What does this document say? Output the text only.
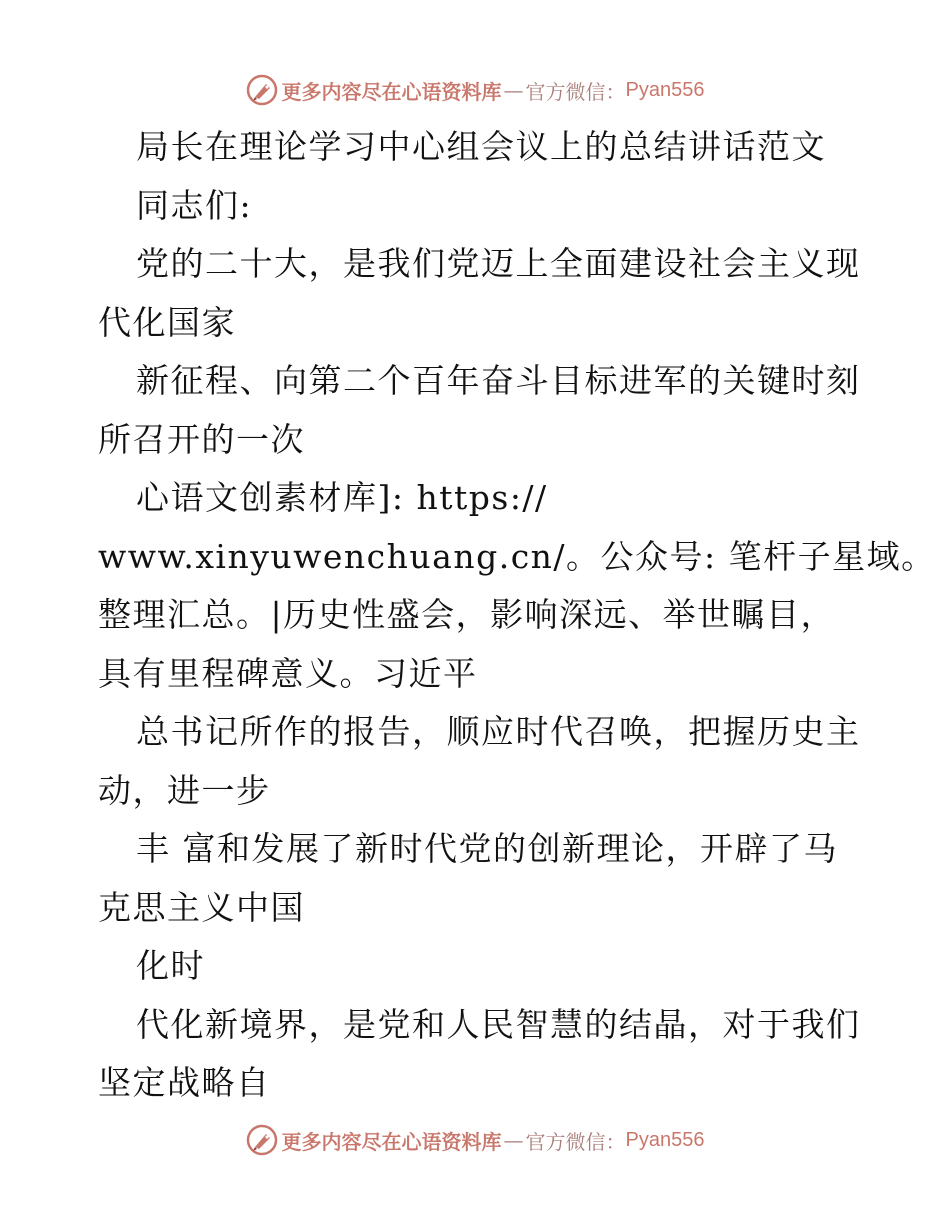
更多内容尽在心语资料库 — 官方微信： Pyan556
局长在理论学习中心组会议上的总结讲话范文
同志们:
党的二十大，是我们党迈上全面建设社会主义现
代化国家
新征程、向第二个百年奋斗目标进军的关键时刻
所召开的一次
心语文创素材库]: https://
www.xinyuwenchuang.cn/。公众号: 笔杆子星域。
整理汇总。|历史性盛会，影响深远、举世瞩目，
具有里程碑意义。习近平
总书记所作的报告，顺应时代召唤，把握历史主
动，进一步
丰 富和发展了新时代党的创新理论，开辟了马
克思主义中国
化时
代化新境界，是党和人民智慧的结晶，对于我们
坚定战略自
更多内容尽在心语资料库 — 官方微信： Pyan556
